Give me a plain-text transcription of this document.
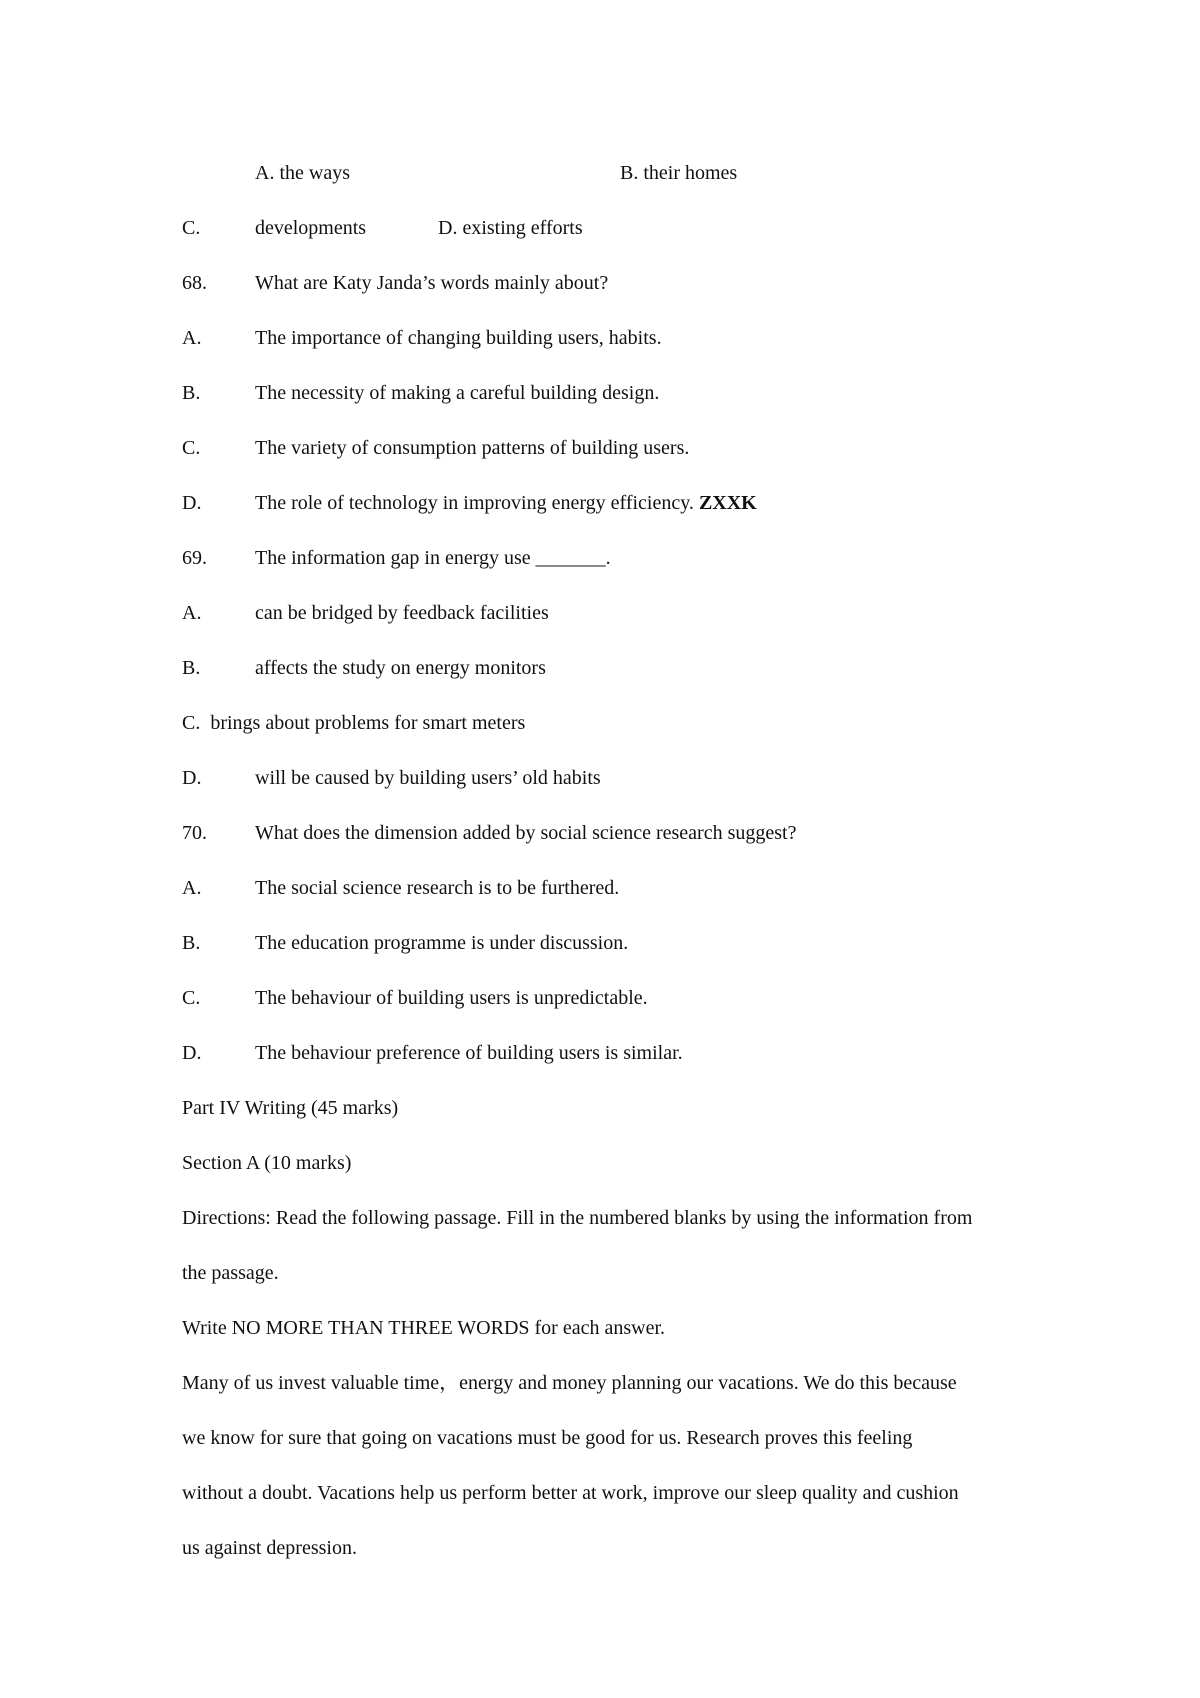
A. the ways	B. their homes
C.	developments	D. existing efforts
68. What are Katy Janda’s words mainly about?
A.	The importance of changing building users, habits.
B.	The necessity of making a careful building design.
C.	The variety of consumption patterns of building users.
D.	The role of technology in improving energy efficiency. ZXXK
69. The information gap in energy use _______.
A.	can be bridged by feedback facilities
B.	affects the study on energy monitors
C. brings about problems for smart meters
D.	will be caused by building users’ old habits
70. What does the dimension added by social science research suggest?
A.	The social science research is to be furthered.
B.	The education programme is under discussion.
C.	The behaviour of building users is unpredictable.
D.	The behaviour preference of building users is similar.
Part IV Writing (45 marks)
Section A (10 marks)
Directions: Read the following passage. Fill in the numbered blanks by using the information from
the passage.
Write NO MORE THAN THREE WORDS for each answer.
Many of us invest valuable time，energy and money planning our vacations. We do this because
we know for sure that going on vacations must be good for us. Research proves this feeling
without a doubt. Vacations help us perform better at work, improve our sleep quality and cushion
us against depression.
